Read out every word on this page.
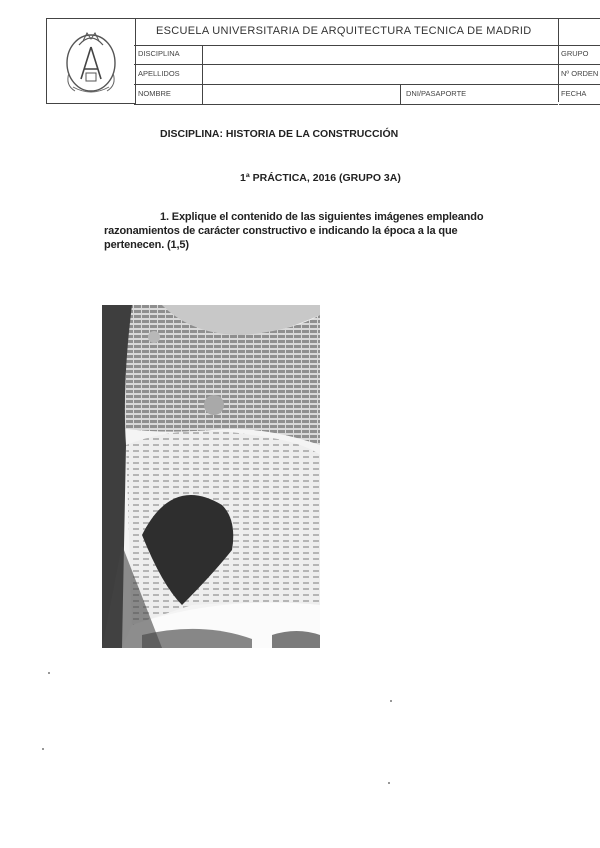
ESCUELA UNIVERSITARIA DE ARQUITECTURA TECNICA DE MADRID
DISCIPLINA
APELLIDOS
NOMBRE	DNI/PASAPORTE
GRUPO
Nº ORDEN
FECHA
DISCIPLINA: HISTORIA DE LA CONSTRUCCIÓN
1ª PRÁCTICA, 2016 (GRUPO 3A)
1. Explique el contenido de las siguientes imágenes empleando razonamientos de carácter constructivo e indicando la época a la que pertenecen. (1,5)
